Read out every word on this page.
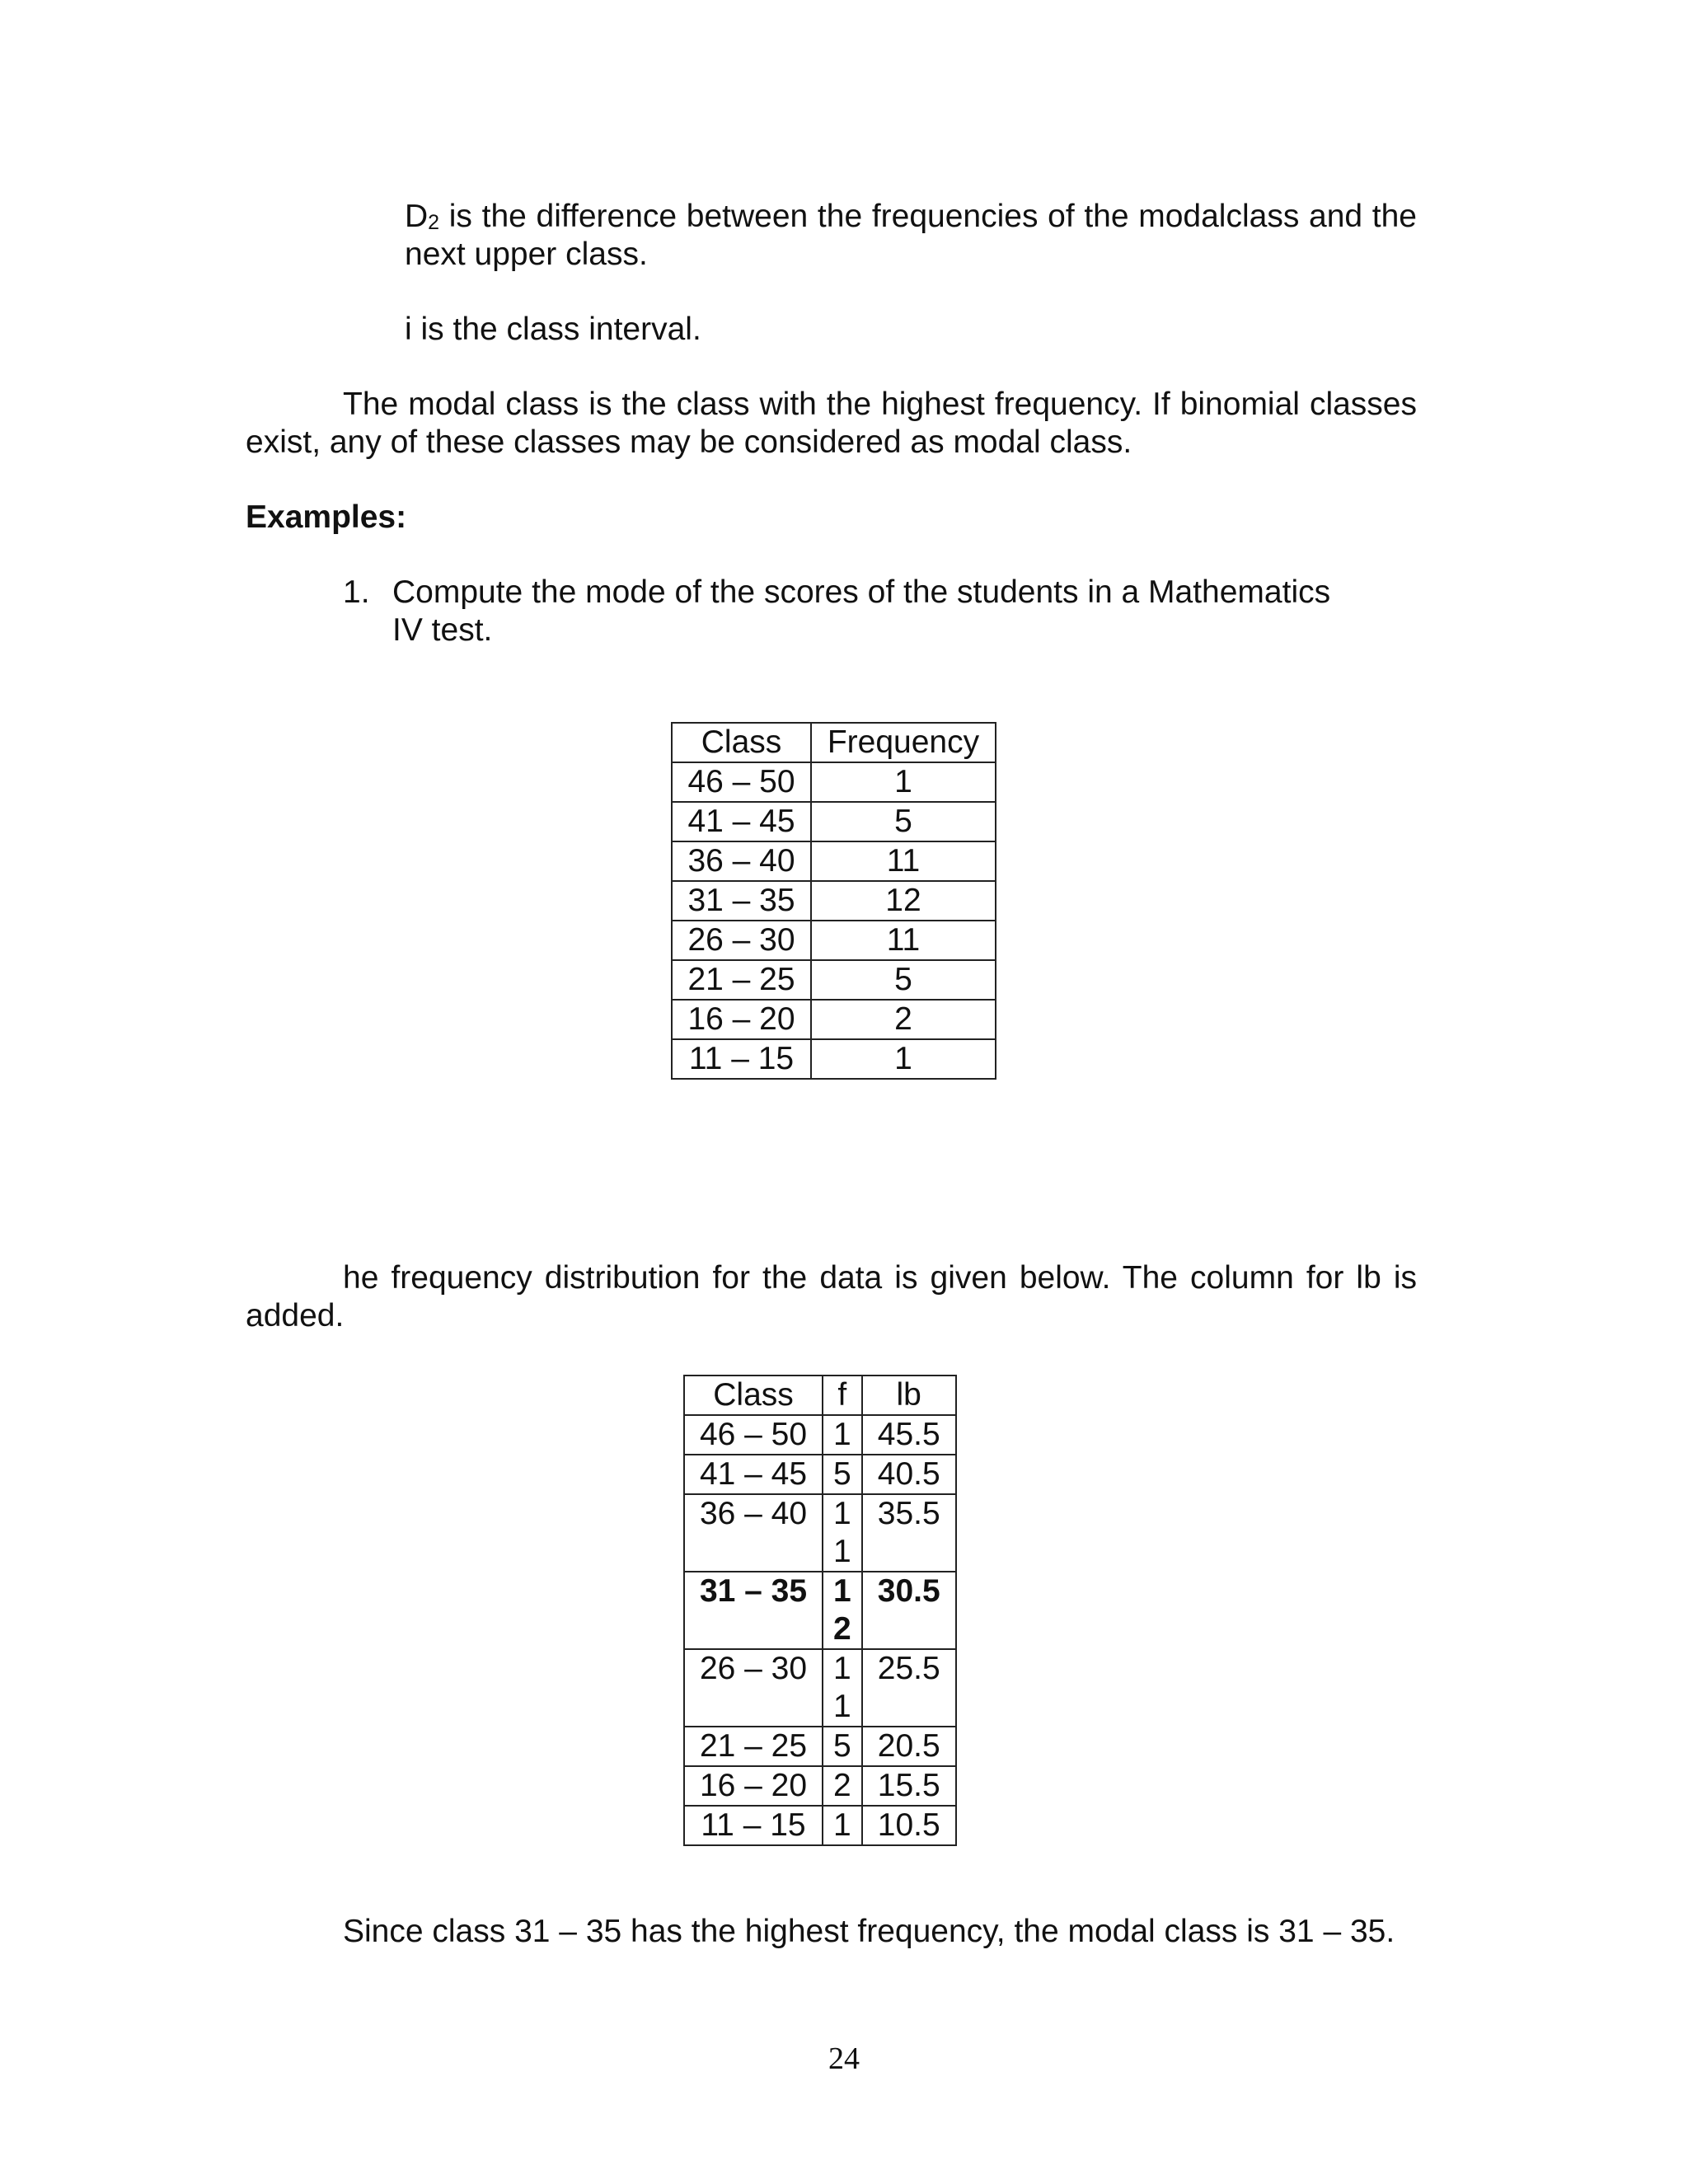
$D_2$ is the difference between the frequencies of the modalclass and the next upper class.

i is the class interval.

The modal class is the class with the highest frequency. If binomial classes exist, any of these classes may be considered as modal class.

Examples:

1. Compute the mode of the scores of the students in a Mathematics IV test.
Class	Frequency
46 – 50	1
41 – 45	5
36 – 40	11
31 – 35	12
26 – 30	11
21 – 25	5
16 – 20	2
11 – 15	1

he frequency distribution for the data is given below. The column for lb is added.

Class	f	lb
46 – 50	1	45.5
41 – 45	5	40.5
36 – 40	11	35.5
31 – 35	12	30.5
26 – 30	11	25.5
21 – 25	5	20.5
16 – 20	2	15.5
11 – 15	1	10.5

Since class 31 – 35 has the highest frequency, the modal class is 31 – 35.

24
